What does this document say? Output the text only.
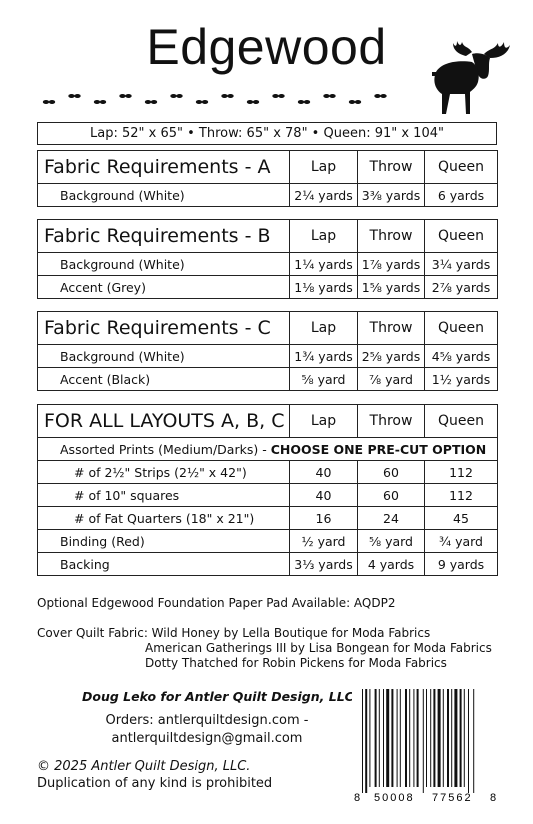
Edgewood
Lap: 52" x 65" • Throw: 65" x 78" • Queen: 91" x 104"
Fabric Requirements - A	Lap	Throw	Queen
Background (White)	2¼ yards	3⅜ yards	6 yards
Fabric Requirements - B	Lap	Throw	Queen
Background (White)	1¼ yards	1⅞ yards	3¼ yards
Accent (Grey)	1⅛ yards	1⅝ yards	2⅞ yards
Fabric Requirements - C	Lap	Throw	Queen
Background (White)	1¾ yards	2⅝ yards	4⅝ yards
Accent (Black)	⅝ yard	⅞ yard	1½ yards
FOR ALL LAYOUTS A, B, C	Lap	Throw	Queen
Assorted Prints (Medium/Darks) - CHOOSE ONE PRE-CUT OPTION			
# of 2½" Strips (2½" x 42")	40	60	112
# of 10" squares	40	60	112
# of Fat Quarters (18" x 21")	16	24	45
Binding (Red)	½ yard	⅝ yard	¾ yard
Backing	3⅓ yards	4 yards	9 yards
Optional Edgewood Foundation Paper Pad Available: AQDP2
Cover Quilt Fabric: Wild Honey by Lella Boutique for Moda Fabrics
American Gatherings III by Lisa Bongean for Moda Fabrics
Dotty Thatched for Robin Pickens for Moda Fabrics
Doug Leko for Antler Quilt Design, LLC.
Orders: antlerquiltdesign.com -
antlerquiltdesign@gmail.com
© 2025 Antler Quilt Design, LLC.
Duplication of any kind is prohibited
8 50008 77562 8
